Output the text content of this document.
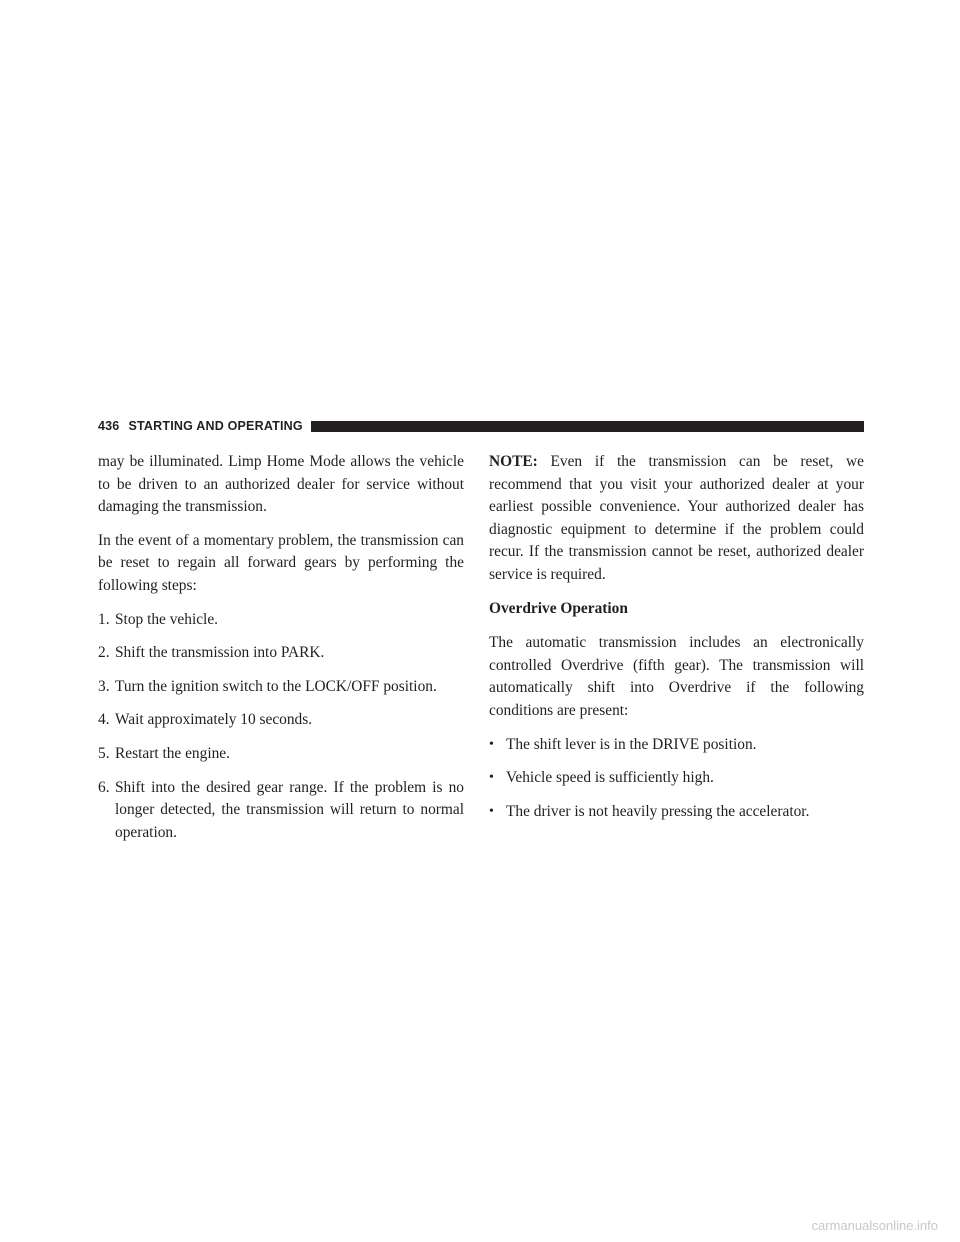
436 STARTING AND OPERATING

may be illuminated. Limp Home Mode allows the vehicle to be driven to an authorized dealer for service without damaging the transmission.

In the event of a momentary problem, the transmission can be reset to regain all forward gears by performing the following steps:

1. Stop the vehicle.
2. Shift the transmission into PARK.
3. Turn the ignition switch to the LOCK/OFF position.
4. Wait approximately 10 seconds.
5. Restart the engine.
6. Shift into the desired gear range. If the problem is no longer detected, the transmission will return to normal operation.

NOTE: Even if the transmission can be reset, we recommend that you visit your authorized dealer at your earliest possible convenience. Your authorized dealer has diagnostic equipment to determine if the problem could recur. If the transmission cannot be reset, authorized dealer service is required.

Overdrive Operation

The automatic transmission includes an electronically controlled Overdrive (fifth gear). The transmission will automatically shift into Overdrive if the following conditions are present:

• The shift lever is in the DRIVE position.
• Vehicle speed is sufficiently high.
• The driver is not heavily pressing the accelerator.
carmanualsonline.info
